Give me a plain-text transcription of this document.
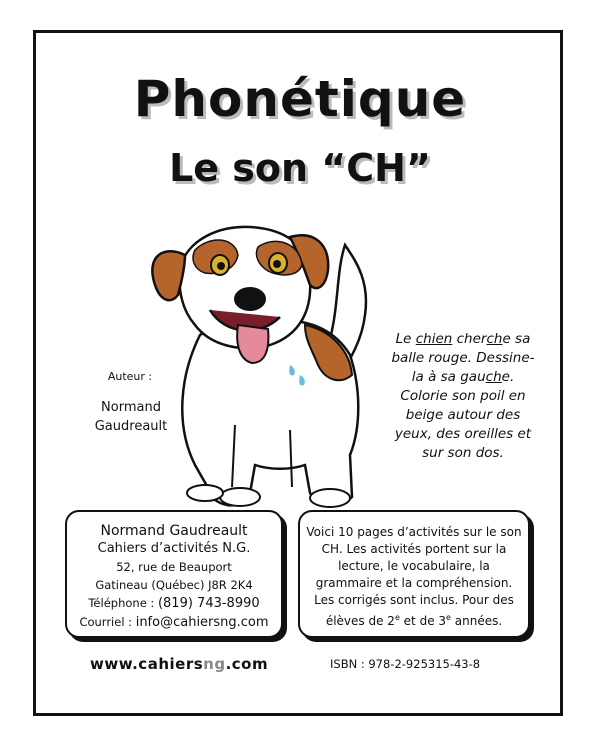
Phonétique
Le son “CH”
Auteur :
Normand
Gaudreault
Le chien cherche sa balle rouge. Dessine-la à sa gauche. Colorie son poil en beige autour des yeux, des oreilles et sur son dos.
Normand Gaudreault
Cahiers d’activités N.G.
52, rue de Beauport
Gatineau (Québec) J8R 2K4
Téléphone : (819) 743-8990
Courriel : info@cahiersng.com

Voici 10 pages d’activités sur le son CH. Les activités portent sur la lecture, le vocabulaire, la grammaire et la compréhension. Les corrigés sont inclus. Pour des élèves de 2e et de 3e années.

www.cahiersng.com	ISBN : 978-2-925315-43-8
